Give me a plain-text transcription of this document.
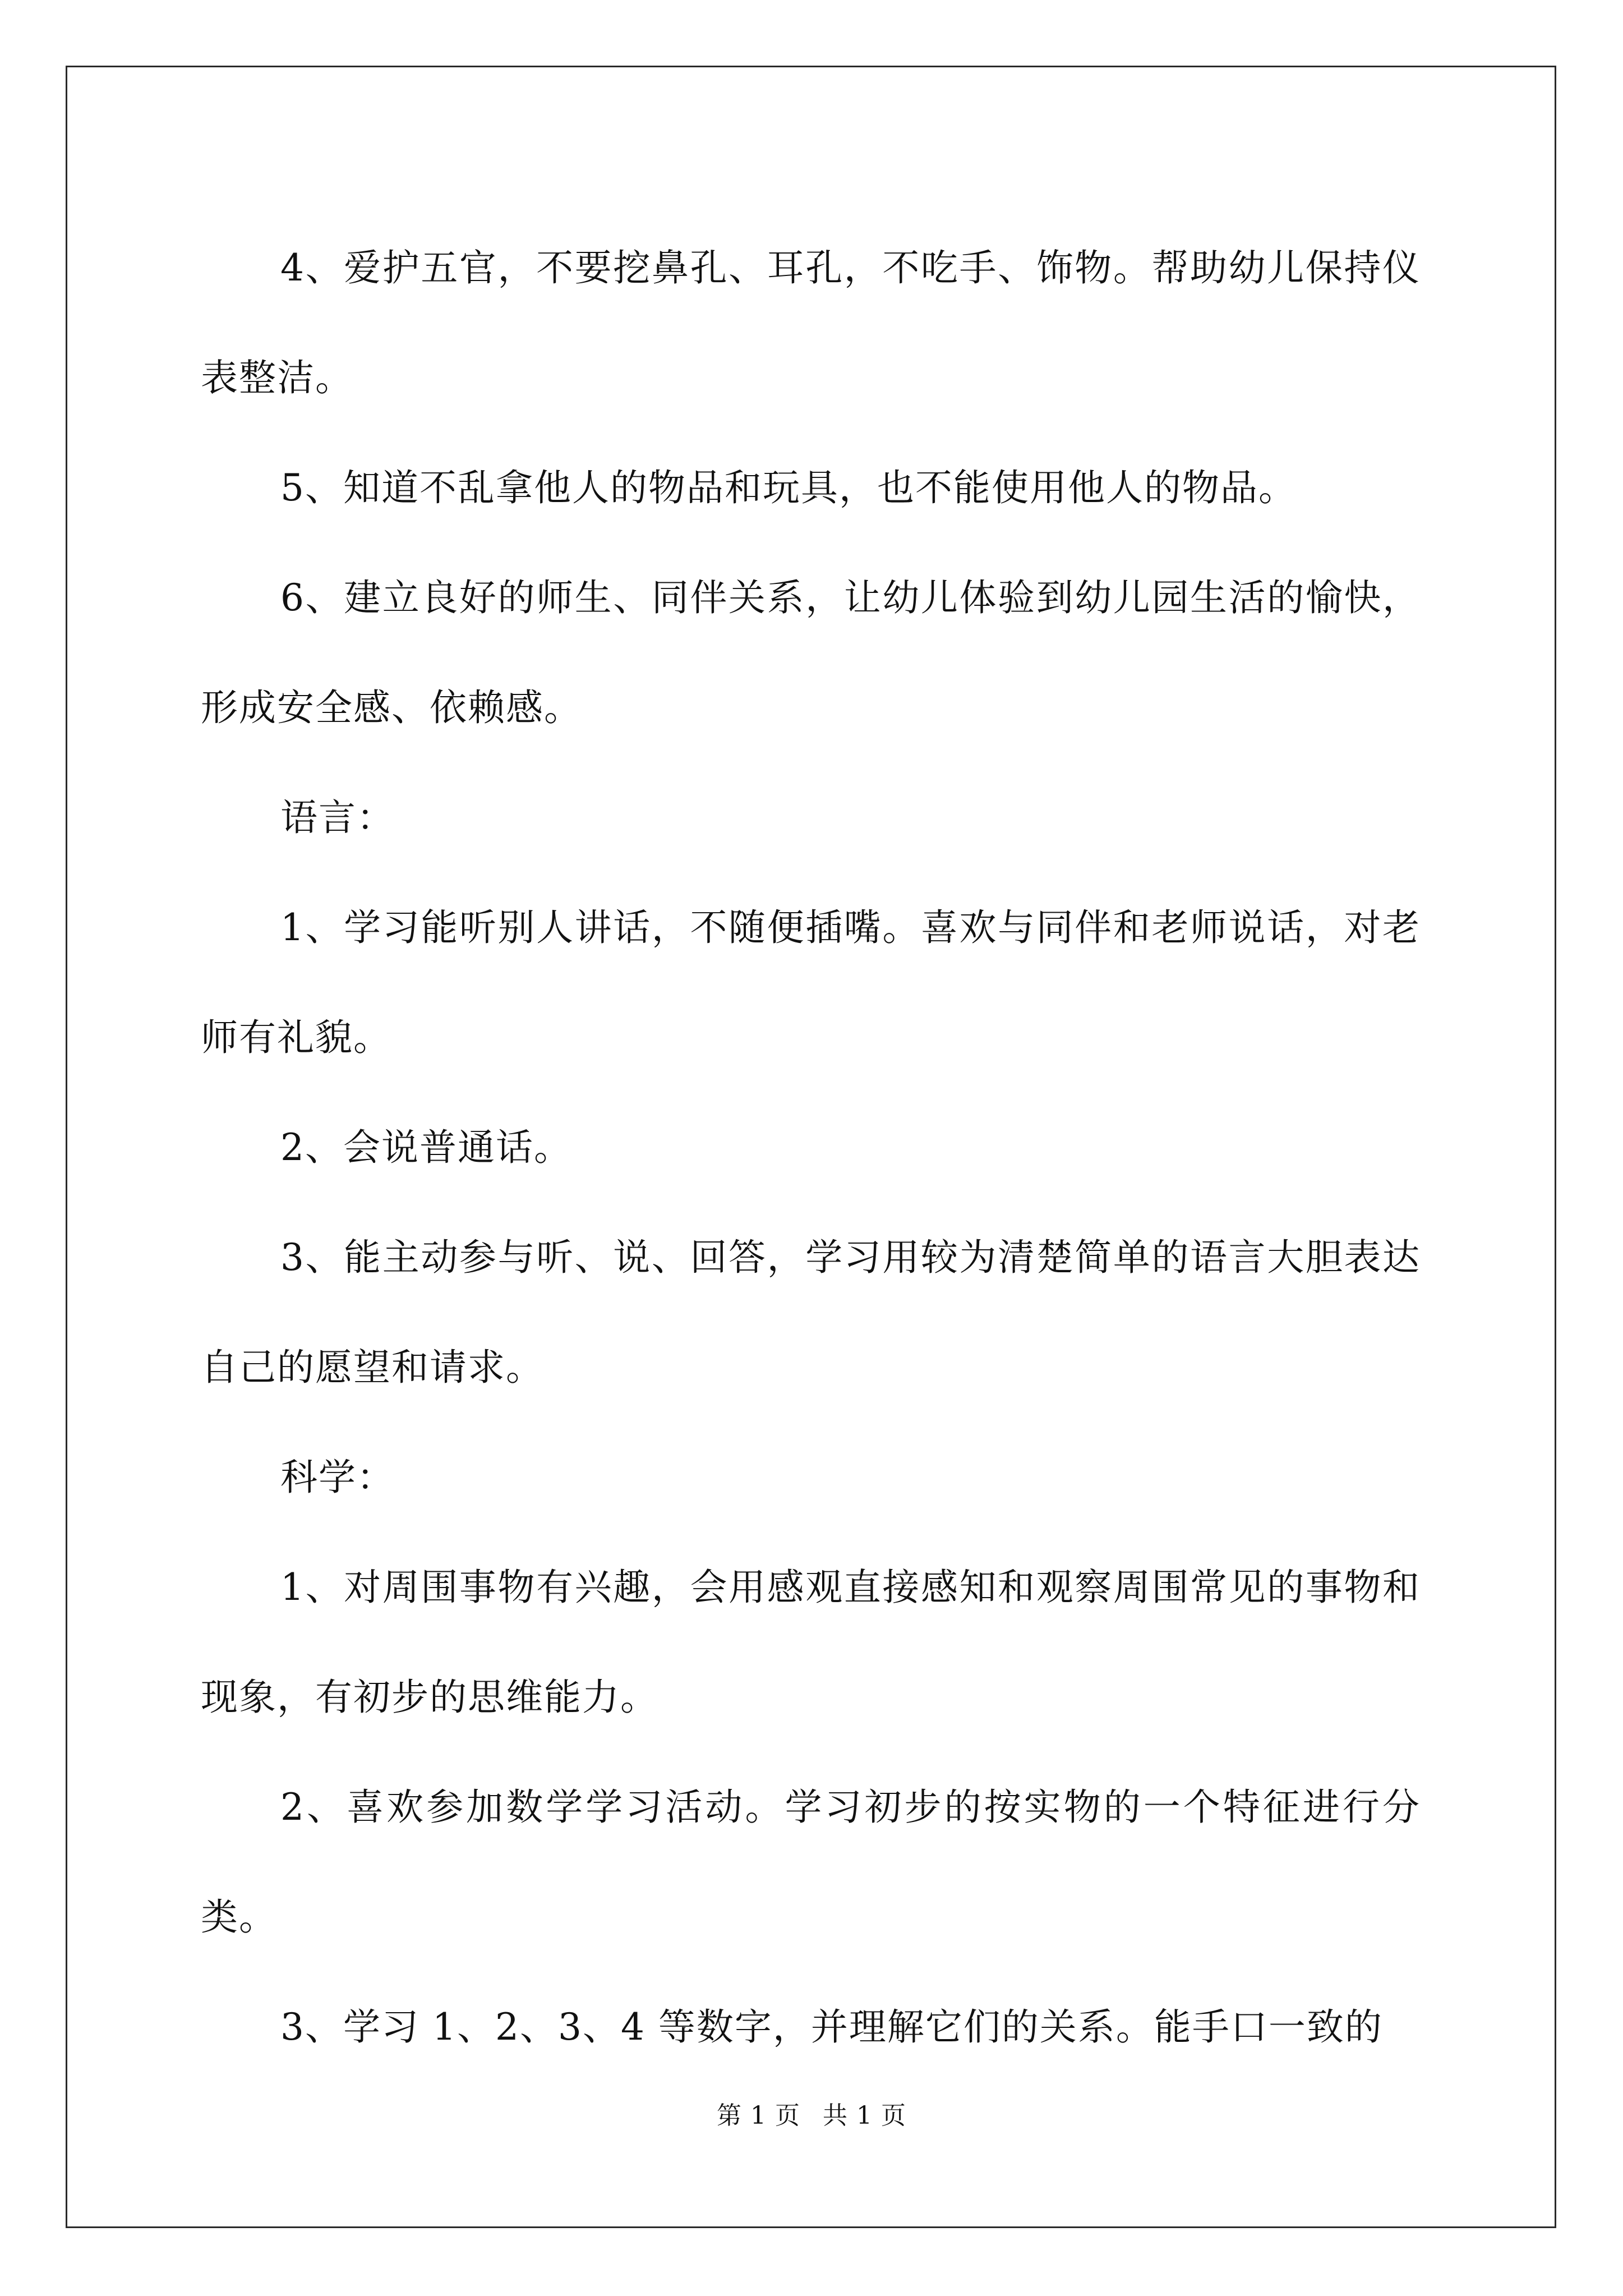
4、爱护五官，不要挖鼻孔、耳孔，不吃手、饰物。帮助幼儿保持仪表整洁。

5、知道不乱拿他人的物品和玩具，也不能使用他人的物品。

6、建立良好的师生、同伴关系，让幼儿体验到幼儿园生活的愉快，形成安全感、依赖感。

语言：

1、学习能听别人讲话，不随便插嘴。喜欢与同伴和老师说话，对老师有礼貌。

2、会说普通话。

3、能主动参与听、说、回答，学习用较为清楚简单的语言大胆表达自己的愿望和请求。

科学：

1、对周围事物有兴趣，会用感观直接感知和观察周围常见的事物和现象，有初步的思维能力。

2、喜欢参加数学学习活动。学习初步的按实物的一个特征进行分类。

3、学习 1、2、3、4 等数字，并理解它们的关系。能手口一致的

第 1 页 共 1 页
